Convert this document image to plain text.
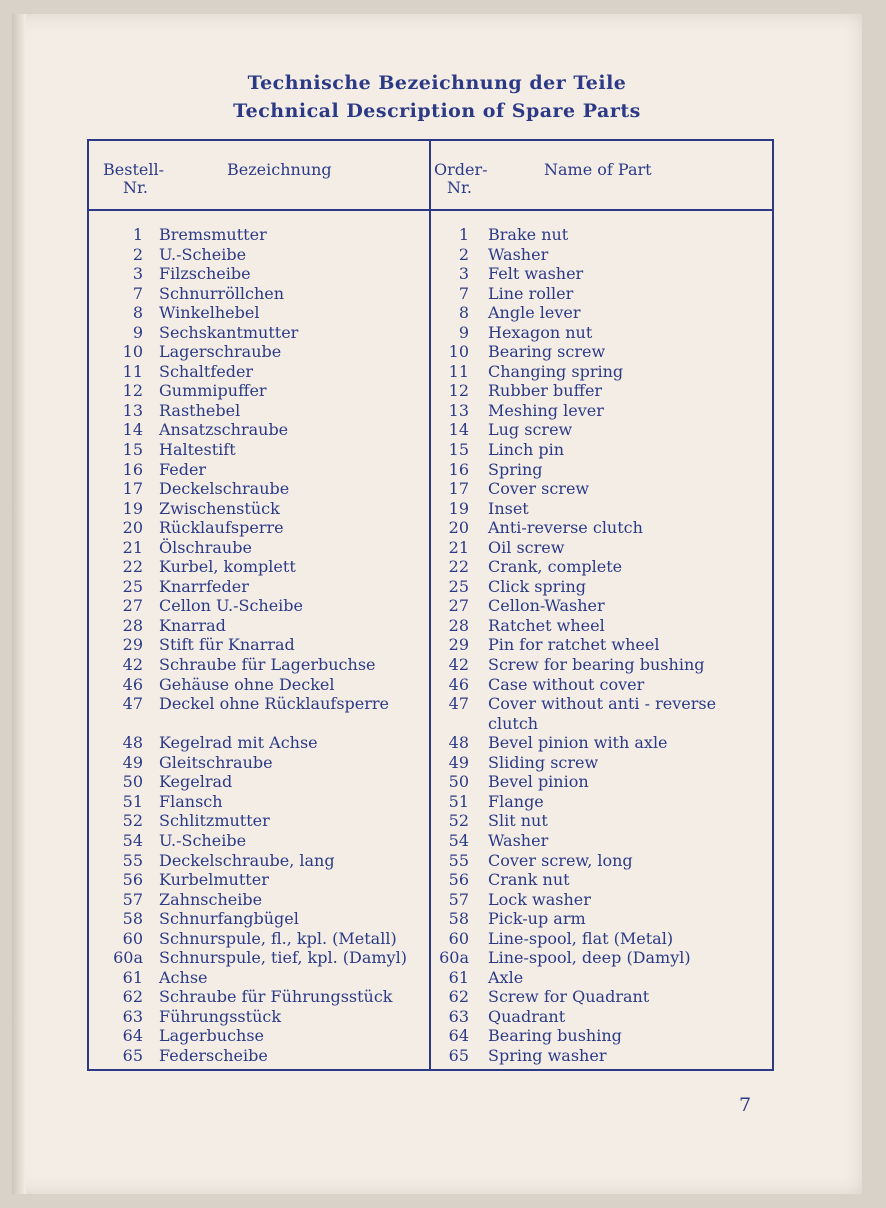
Technische Bezeichnung der Teile
Technical Description of Spare Parts
Bestell-
Nr.
Bezeichnung	Order-
Nr.
Name of Part
1 Bremsmutter
2 U.-Scheibe
3 Filzscheibe
7 Schnurröllchen
8 Winkelhebel
9 Sechskantmutter
10 Lagerschraube
11 Schaltfeder
12 Gummipuffer
13 Rasthebel
14 Ansatzschraube
15 Haltestift
16 Feder
17 Deckelschraube
19 Zwischenstück
20 Rücklaufsperre
21 Ölschraube
22 Kurbel, komplett
25 Knarrfeder
27 Cellon U.-Scheibe
28 Knarrad
29 Stift für Knarrad
42 Schraube für Lagerbuchse
46 Gehäuse ohne Deckel
47 Deckel ohne Rücklaufsperre
48 Kegelrad mit Achse
49 Gleitschraube
50 Kegelrad
51 Flansch
52 Schlitzmutter
54 U.-Scheibe
55 Deckelschraube, lang
56 Kurbelmutter
57 Zahnscheibe
58 Schnurfangbügel
60 Schnurspule, fl., kpl. (Metall)
60a Schnurspule, tief, kpl. (Damyl)
61 Achse
62 Schraube für Führungsstück
63 Führungsstück
64 Lagerbuchse
65 Federscheibe
1 Brake nut
2 Washer
3 Felt washer
7 Line roller
8 Angle lever
9 Hexagon nut
10 Bearing screw
11 Changing spring
12 Rubber buffer
13 Meshing lever
14 Lug screw
15 Linch pin
16 Spring
17 Cover screw
19 Inset
20 Anti-reverse clutch
21 Oil screw
22 Crank, complete
25 Click spring
27 Cellon-Washer
28 Ratchet wheel
29 Pin for ratchet wheel
42 Screw for bearing bushing
46 Case without cover
47 Cover without anti - reverse
clutch
48 Bevel pinion with axle
49 Sliding screw
50 Bevel pinion
51 Flange
52 Slit nut
54 Washer
55 Cover screw, long
56 Crank nut
57 Lock washer
58 Pick-up arm
60 Line-spool, flat (Metal)
60a Line-spool, deep (Damyl)
61 Axle
62 Screw for Quadrant
63 Quadrant
64 Bearing bushing
65 Spring washer
7
